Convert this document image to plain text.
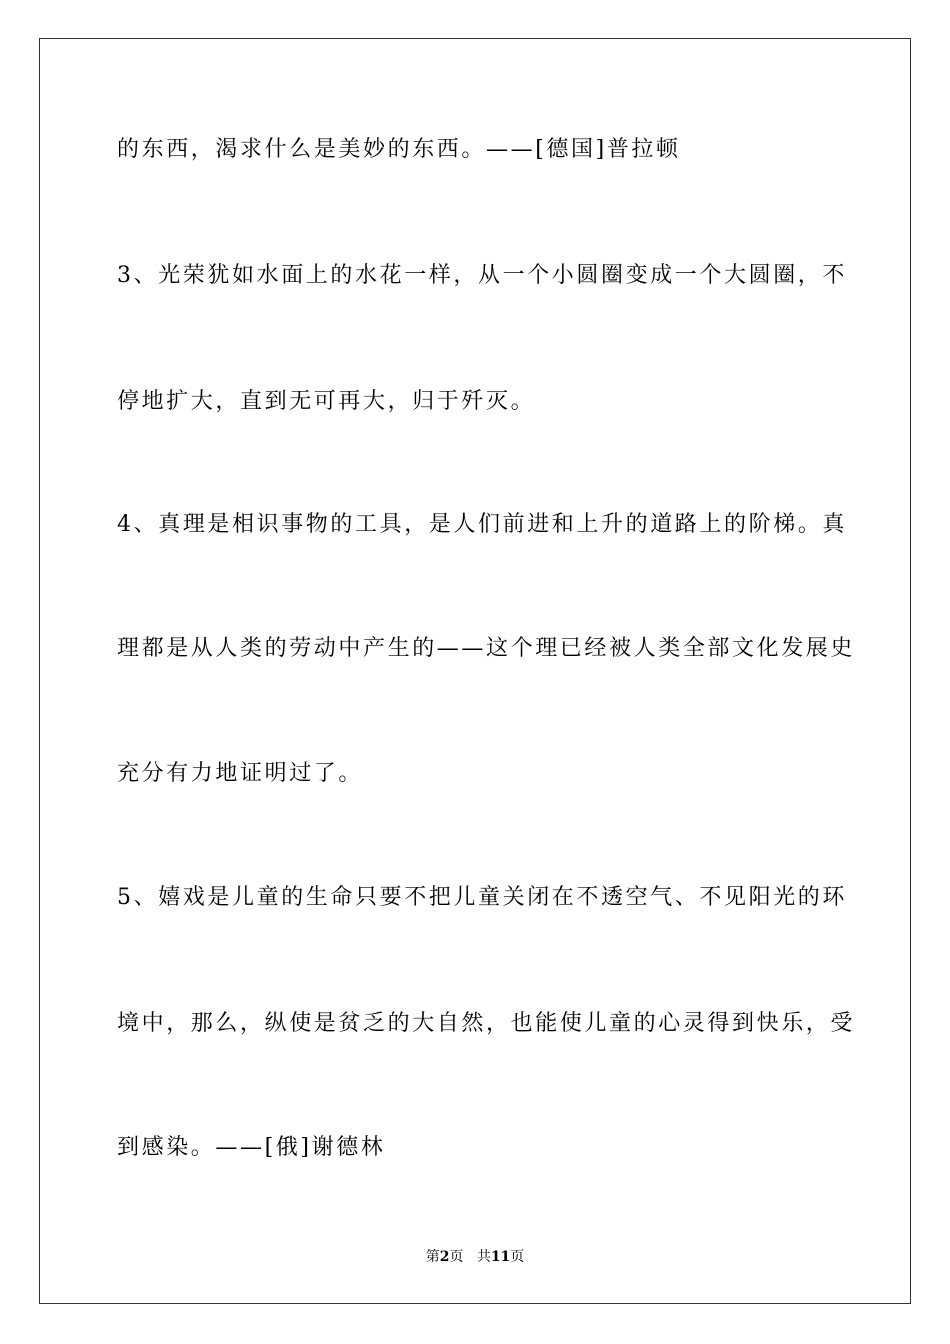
的东西，渴求什么是美妙的东西。——[德国]普拉顿
3、光荣犹如水面上的水花一样，从一个小圆圈变成一个大圆圈，不
停地扩大，直到无可再大，归于歼灭。
4、真理是相识事物的工具，是人们前进和上升的道路上的阶梯。真
理都是从人类的劳动中产生的——这个理已经被人类全部文化发展史
充分有力地证明过了。
5、嬉戏是儿童的生命只要不把儿童关闭在不透空气、不见阳光的环
境中，那么，纵使是贫乏的大自然，也能使儿童的心灵得到快乐，受
到感染。——[俄]谢德林
第2页 共11页
